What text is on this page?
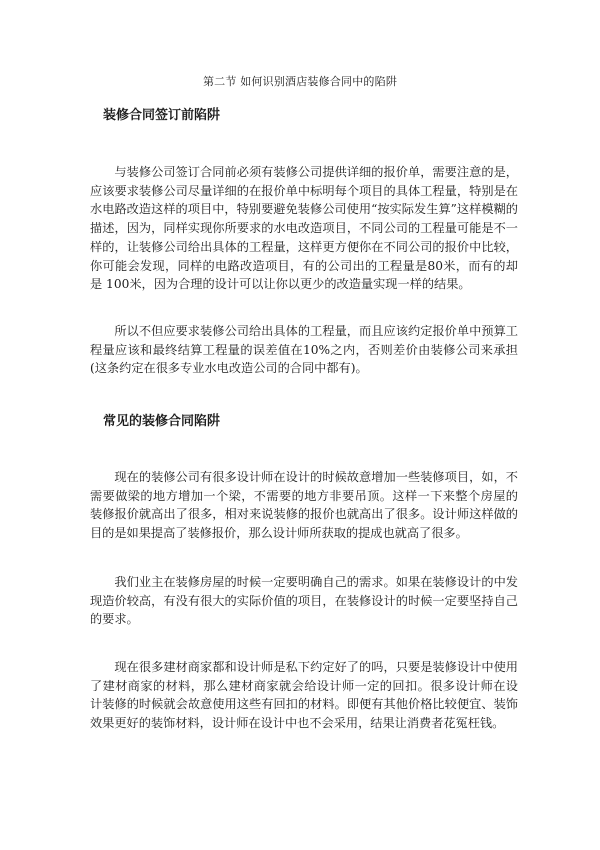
第二节 如何识别酒店装修合同中的陷阱
装修合同签订前陷阱
与装修公司签订合同前必须有装修公司提供详细的报价单，需要注意的是，应该要求装修公司尽量详细的在报价单中标明每个项目的具体工程量，特别是在水电路改造这样的项目中，特别要避免装修公司使用“按实际发生算”这样模糊的描述，因为，同样实现你所要求的水电改造项目，不同公司的工程量可能是不一样的，让装修公司给出具体的工程量，这样更方便你在不同公司的报价中比较，你可能会发现，同样的电路改造项目，有的公司出的工程量是80米，而有的却是 100米，因为合理的设计可以让你以更少的改造量实现一样的结果。
所以不但应要求装修公司给出具体的工程量，而且应该约定报价单中预算工程量应该和最终结算工程量的误差值在10%之内，否则差价由装修公司来承担(这条约定在很多专业水电改造公司的合同中都有)。
常见的装修合同陷阱
现在的装修公司有很多设计师在设计的时候故意增加一些装修项目，如，不需要做梁的地方增加一个梁，不需要的地方非要吊顶。这样一下来整个房屋的 装修报价就高出了很多，相对来说装修的报价也就高出了很多。设计师这样做的目的是如果提高了装修报价，那么设计师所获取的提成也就高了很多。
我们业主在装修房屋的时候一定要明确自己的需求。如果在装修设计的中发现造价较高，有没有很大的实际价值的项目，在装修设计的时候一定要坚持自己的要求。
现在很多建材商家都和设计师是私下约定好了的吗，只要是装修设计中使用了建材商家的材料，那么建材商家就会给设计师一定的回扣。很多设计师在设 计装修的时候就会故意使用这些有回扣的材料。即便有其他价格比较便宜、装饰效果更好的装饰材料，设计师在设计中也不会采用，结果让消费者花冤枉钱。
